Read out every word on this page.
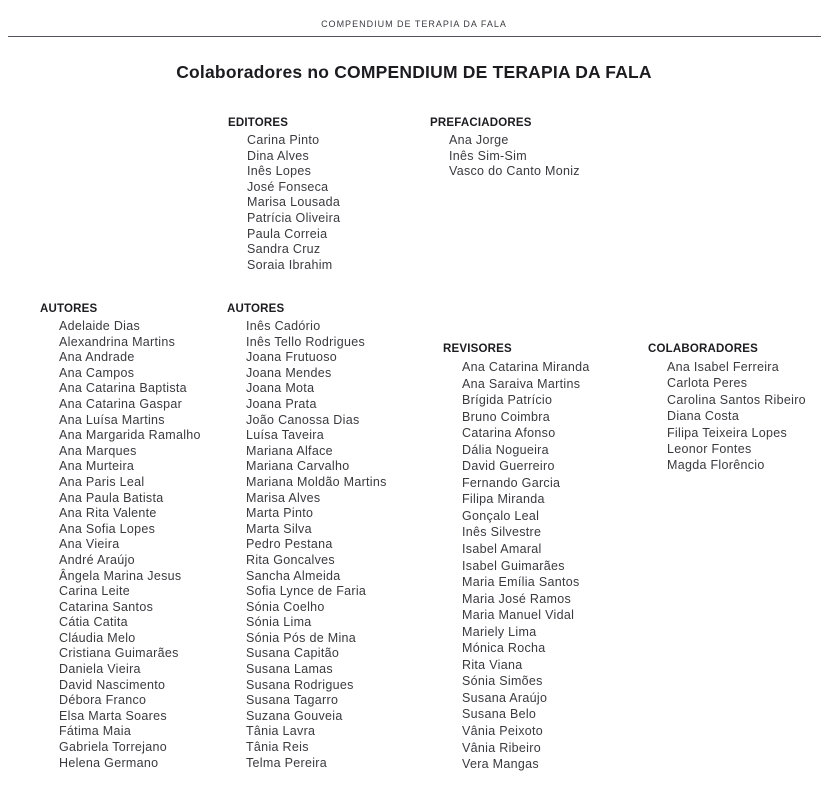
COMPENDIUM DE TERAPIA DA FALA
Colaboradores no COMPENDIUM DE TERAPIA DA FALA
EDITORES
Carina Pinto
Dina Alves
Inês Lopes
José Fonseca
Marisa Lousada
Patrícia Oliveira
Paula Correia
Sandra Cruz
Soraia Ibrahim
PREFACIADORES
Ana Jorge
Inês Sim-Sim
Vasco do Canto Moniz
AUTORES
Adelaide Dias
Alexandrina Martins
Ana Andrade
Ana Campos
Ana Catarina Baptista
Ana Catarina Gaspar
Ana Luísa Martins
Ana Margarida Ramalho
Ana Marques
Ana Murteira
Ana Paris Leal
Ana Paula Batista
Ana Rita Valente
Ana Sofia Lopes
Ana Vieira
André Araújo
Ângela Marina Jesus
Carina Leite
Catarina Santos
Cátia Catita
Cláudia Melo
Cristiana Guimarães
Daniela Vieira
David Nascimento
Débora Franco
Elsa Marta Soares
Fátima Maia
Gabriela Torrejano
Helena Germano
AUTORES
Inês Cadório
Inês Tello Rodrigues
Joana Frutuoso
Joana Mendes
Joana Mota
Joana Prata
João Canossa Dias
Luísa Taveira
Mariana Alface
Mariana Carvalho
Mariana Moldão Martins
Marisa Alves
Marta Pinto
Marta Silva
Pedro Pestana
Rita Goncalves
Sancha Almeida
Sofia Lynce de Faria
Sónia Coelho
Sónia Lima
Sónia Pós de Mina
Susana Capitão
Susana Lamas
Susana Rodrigues
Susana Tagarro
Suzana Gouveia
Tânia Lavra
Tânia Reis
Telma Pereira
REVISORES
Ana Catarina Miranda
Ana Saraiva Martins
Brígida Patrício
Bruno Coimbra
Catarina Afonso
Dália Nogueira
David Guerreiro
Fernando Garcia
Filipa Miranda
Gonçalo Leal
Inês Silvestre
Isabel Amaral
Isabel Guimarães
Maria Emília Santos
Maria José Ramos
Maria Manuel Vidal
Mariely Lima
Mónica Rocha
Rita Viana
Sónia Simões
Susana Araújo
Susana Belo
Vânia Peixoto
Vânia Ribeiro
Vera Mangas
COLABORADORES
Ana Isabel Ferreira
Carlota Peres
Carolina Santos Ribeiro
Diana Costa
Filipa Teixeira Lopes
Leonor Fontes
Magda Florêncio
